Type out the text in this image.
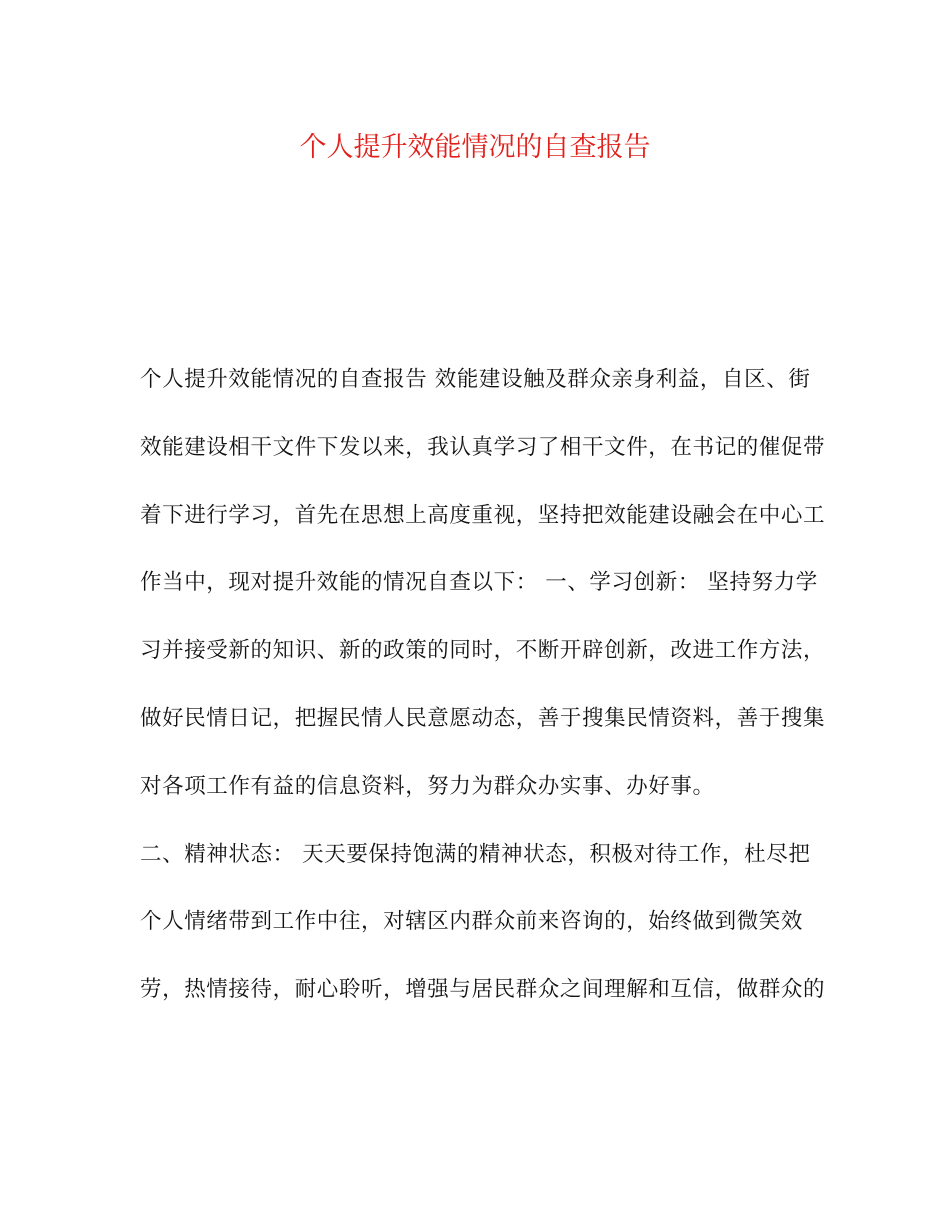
个人提升效能情况的自查报告
个人提升效能情况的自查报告 效能建设触及群众亲身利益，自区、街
效能建设相干文件下发以来，我认真学习了相干文件，在书记的催促带
着下进行学习，首先在思想上高度重视，坚持把效能建设融会在中心工
作当中，现对提升效能的情况自查以下： 一、学习创新： 坚持努力学
习并接受新的知识、新的政策的同时，不断开辟创新，改进工作方法，
做好民情日记，把握民情人民意愿动态，善于搜集民情资料，善于搜集
对各项工作有益的信息资料，努力为群众办实事、办好事。
二、精神状态： 天天要保持饱满的精神状态，积极对待工作，杜尽把
个人情绪带到工作中往，对辖区内群众前来咨询的，始终做到微笑效
劳，热情接待，耐心聆听，增强与居民群众之间理解和互信，做群众的
